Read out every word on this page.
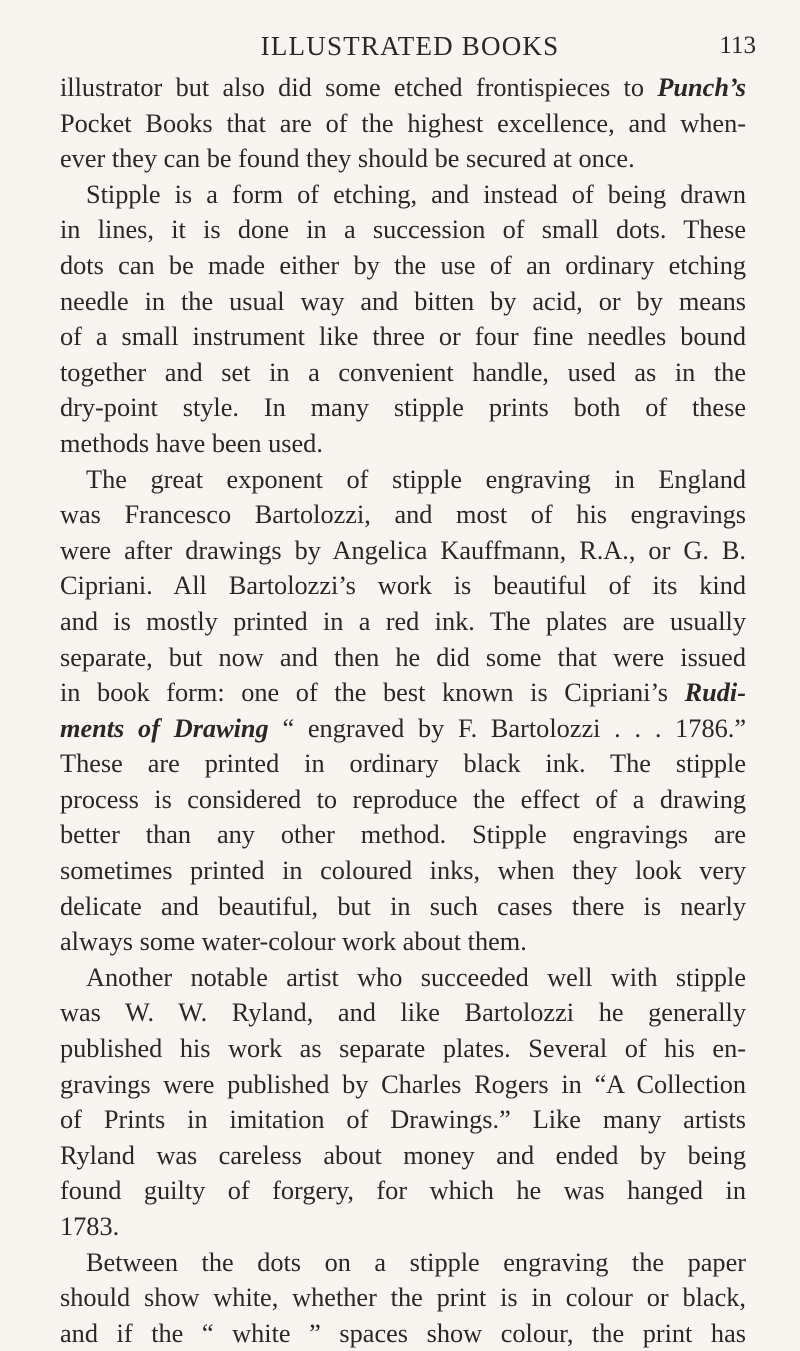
ILLUSTRATED BOOKS	113
illustrator but also did some etched frontispieces to Punch’s
Pocket Books that are of the highest excellence, and when-
ever they can be found they should be secured at once.
Stipple is a form of etching, and instead of being drawn
in lines, it is done in a succession of small dots. These
dots can be made either by the use of an ordinary etching
needle in the usual way and bitten by acid, or by means
of a small instrument like three or four fine needles bound
together and set in a convenient handle, used as in the
dry-point style. In many stipple prints both of these
methods have been used.
The great exponent of stipple engraving in England
was Francesco Bartolozzi, and most of his engravings
were after drawings by Angelica Kauffmann, R.A., or G. B.
Cipriani. All Bartolozzi’s work is beautiful of its kind
and is mostly printed in a red ink. The plates are usually
separate, but now and then he did some that were issued
in book form: one of the best known is Cipriani’s Rudi-
ments of Drawing “ engraved by F. Bartolozzi . . . 1786.”
These are printed in ordinary black ink. The stipple
process is considered to reproduce the effect of a drawing
better than any other method. Stipple engravings are
sometimes printed in coloured inks, when they look very
delicate and beautiful, but in such cases there is nearly
always some water-colour work about them.
Another notable artist who succeeded well with stipple
was W. W. Ryland, and like Bartolozzi he generally
published his work as separate plates. Several of his en-
gravings were published by Charles Rogers in “A Collection
of Prints in imitation of Drawings.” Like many artists
Ryland was careless about money and ended by being
found guilty of forgery, for which he was hanged in
1783.
Between the dots on a stipple engraving the paper
should show white, whether the print is in colour or black,
and if the “ white ” spaces show colour, the print has
